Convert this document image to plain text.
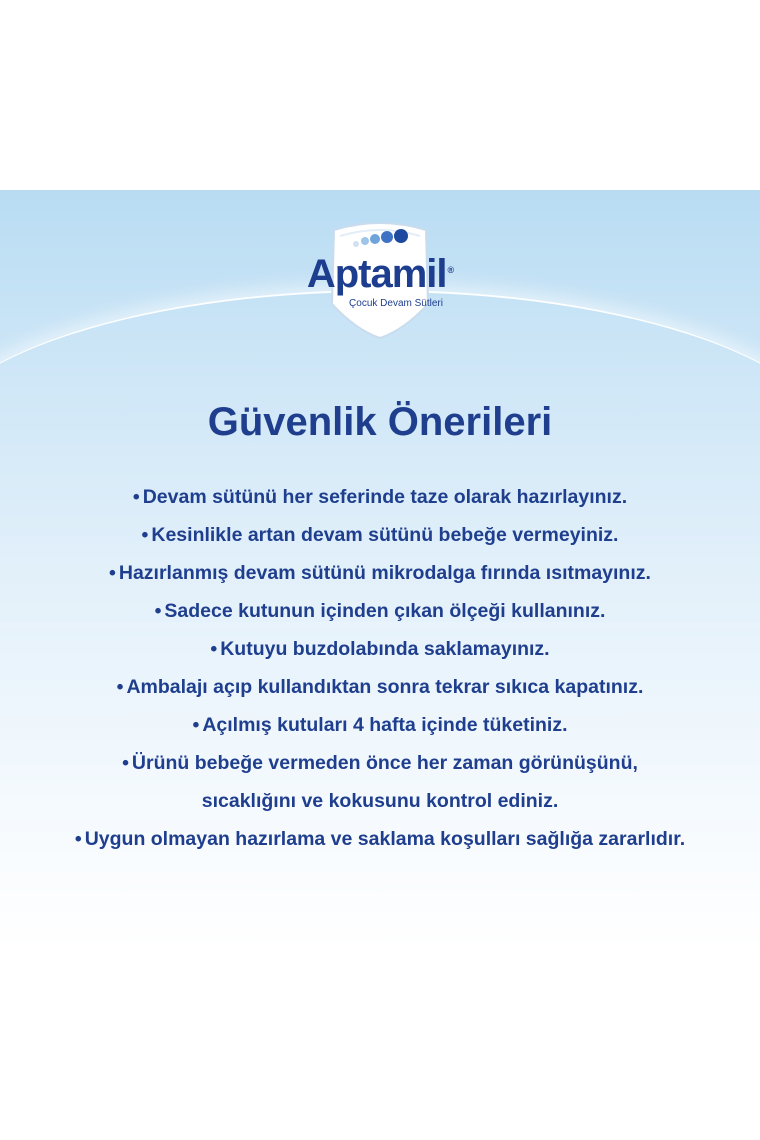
Aptamil®
Çocuk Devam Sütleri
Güvenlik Önerileri
• Devam sütünü her seferinde taze olarak hazırlayınız.
• Kesinlikle artan devam sütünü bebeğe vermeyiniz.
• Hazırlanmış devam sütünü mikrodalga fırında ısıtmayınız.
• Sadece kutunun içinden çıkan ölçeği kullanınız.
• Kutuyu buzdolabında saklamayınız.
• Ambalajı açıp kullandıktan sonra tekrar sıkıca kapatınız.
• Açılmış kutuları 4 hafta içinde tüketiniz.
• Ürünü bebeğe vermeden önce her zaman görünüşünü,
sıcaklığını ve kokusunu kontrol ediniz.
• Uygun olmayan hazırlama ve saklama koşulları sağlığa zararlıdır.
